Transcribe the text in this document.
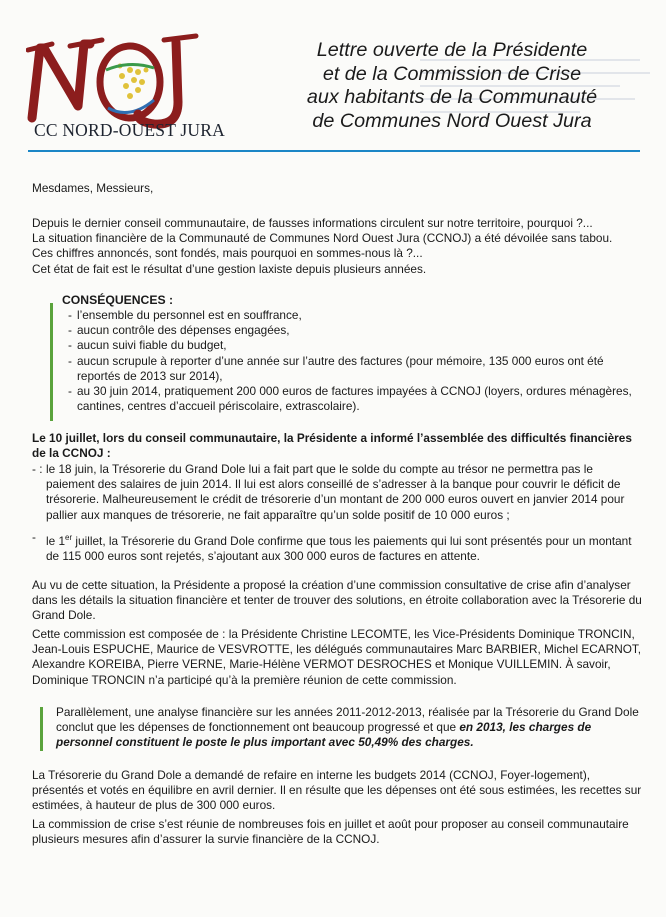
CC NORD-OUEST JURA
Lettre ouverte de la Présidente
et de la Commission de Crise
aux habitants de la Communauté
de Communes Nord Ouest Jura
Mesdames, Messieurs,

Depuis le dernier conseil communautaire, de fausses informations circulent sur notre territoire, pourquoi ?...

La situation financière de la Communauté de Communes Nord Ouest Jura (CCNOJ) a été dévoilée sans tabou.

Ces chiffres annoncés, sont fondés, mais pourquoi en sommes-nous là ?...

Cet état de fait est le résultat d’une gestion laxiste depuis plusieurs années.

CONSÉQUENCES :
- l’ensemble du personnel est en souffrance,
- aucun contrôle des dépenses engagées,
- aucun suivi fiable du budget,
- aucun scrupule à reporter d’une année sur l’autre des factures (pour mémoire, 135 000 euros ont été reportés de 2013 sur 2014),
- au 30 juin 2014, pratiquement 200 000 euros de factures impayées à CCNOJ (loyers, ordures ménagères, cantines, centres d’accueil périscolaire, extrascolaire).
Le 10 juillet, lors du conseil communautaire, la Présidente a informé l’assemblée des difficultés financières de la CCNOJ :
- : le 18 juin, la Trésorerie du Grand Dole lui a fait part que le solde du compte au trésor ne permettra pas le paiement des salaires de juin 2014. Il lui est alors conseillé de s’adresser à la banque pour couvrir le déficit de trésorerie. Malheureusement le crédit de trésorerie d’un montant de 200 000 euros ouvert en janvier 2014 pour pallier aux manques de trésorerie, ne fait apparaître qu’un solde positif de 10 000 euros ;
- le 1er juillet, la Trésorerie du Grand Dole confirme que tous les paiements qui lui sont présentés pour un montant de 115 000 euros sont rejetés, s’ajoutant aux 300 000 euros de factures en attente.
Au vu de cette situation, la Présidente a proposé la création d’une commission consultative de crise afin d’analyser dans les détails la situation financière et tenter de trouver des solutions, en étroite collaboration avec la Trésorerie du Grand Dole.
Cette commission est composée de : la Présidente Christine LECOMTE, les Vice-Présidents Dominique TRONCIN, Jean-Louis ESPUCHE, Maurice de VESVROTTE, les délégués communautaires Marc BARBIER, Michel ECARNOT, Alexandre KOREIBA, Pierre VERNE, Marie-Hélène VERMOT DESROCHES et Monique VUILLEMIN. À savoir, Dominique TRONCIN n’a participé qu’à la première réunion de cette commission.
Parallèlement, une analyse financière sur les années 2011-2012-2013, réalisée par la Trésorerie du Grand Dole conclut que les dépenses de fonctionnement ont beaucoup progressé et que en 2013, les charges de personnel constituent le poste le plus important avec 50,49% des charges.
La Trésorerie du Grand Dole a demandé de refaire en interne les budgets 2014 (CCNOJ, Foyer-logement), présentés et votés en équilibre en avril dernier. Il en résulte que les dépenses ont été sous estimées, les recettes sur estimées, à hauteur de plus de 300 000 euros.
La commission de crise s’est réunie de nombreuses fois en juillet et août pour proposer au conseil communautaire plusieurs mesures afin d’assurer la survie financière de la CCNOJ.
